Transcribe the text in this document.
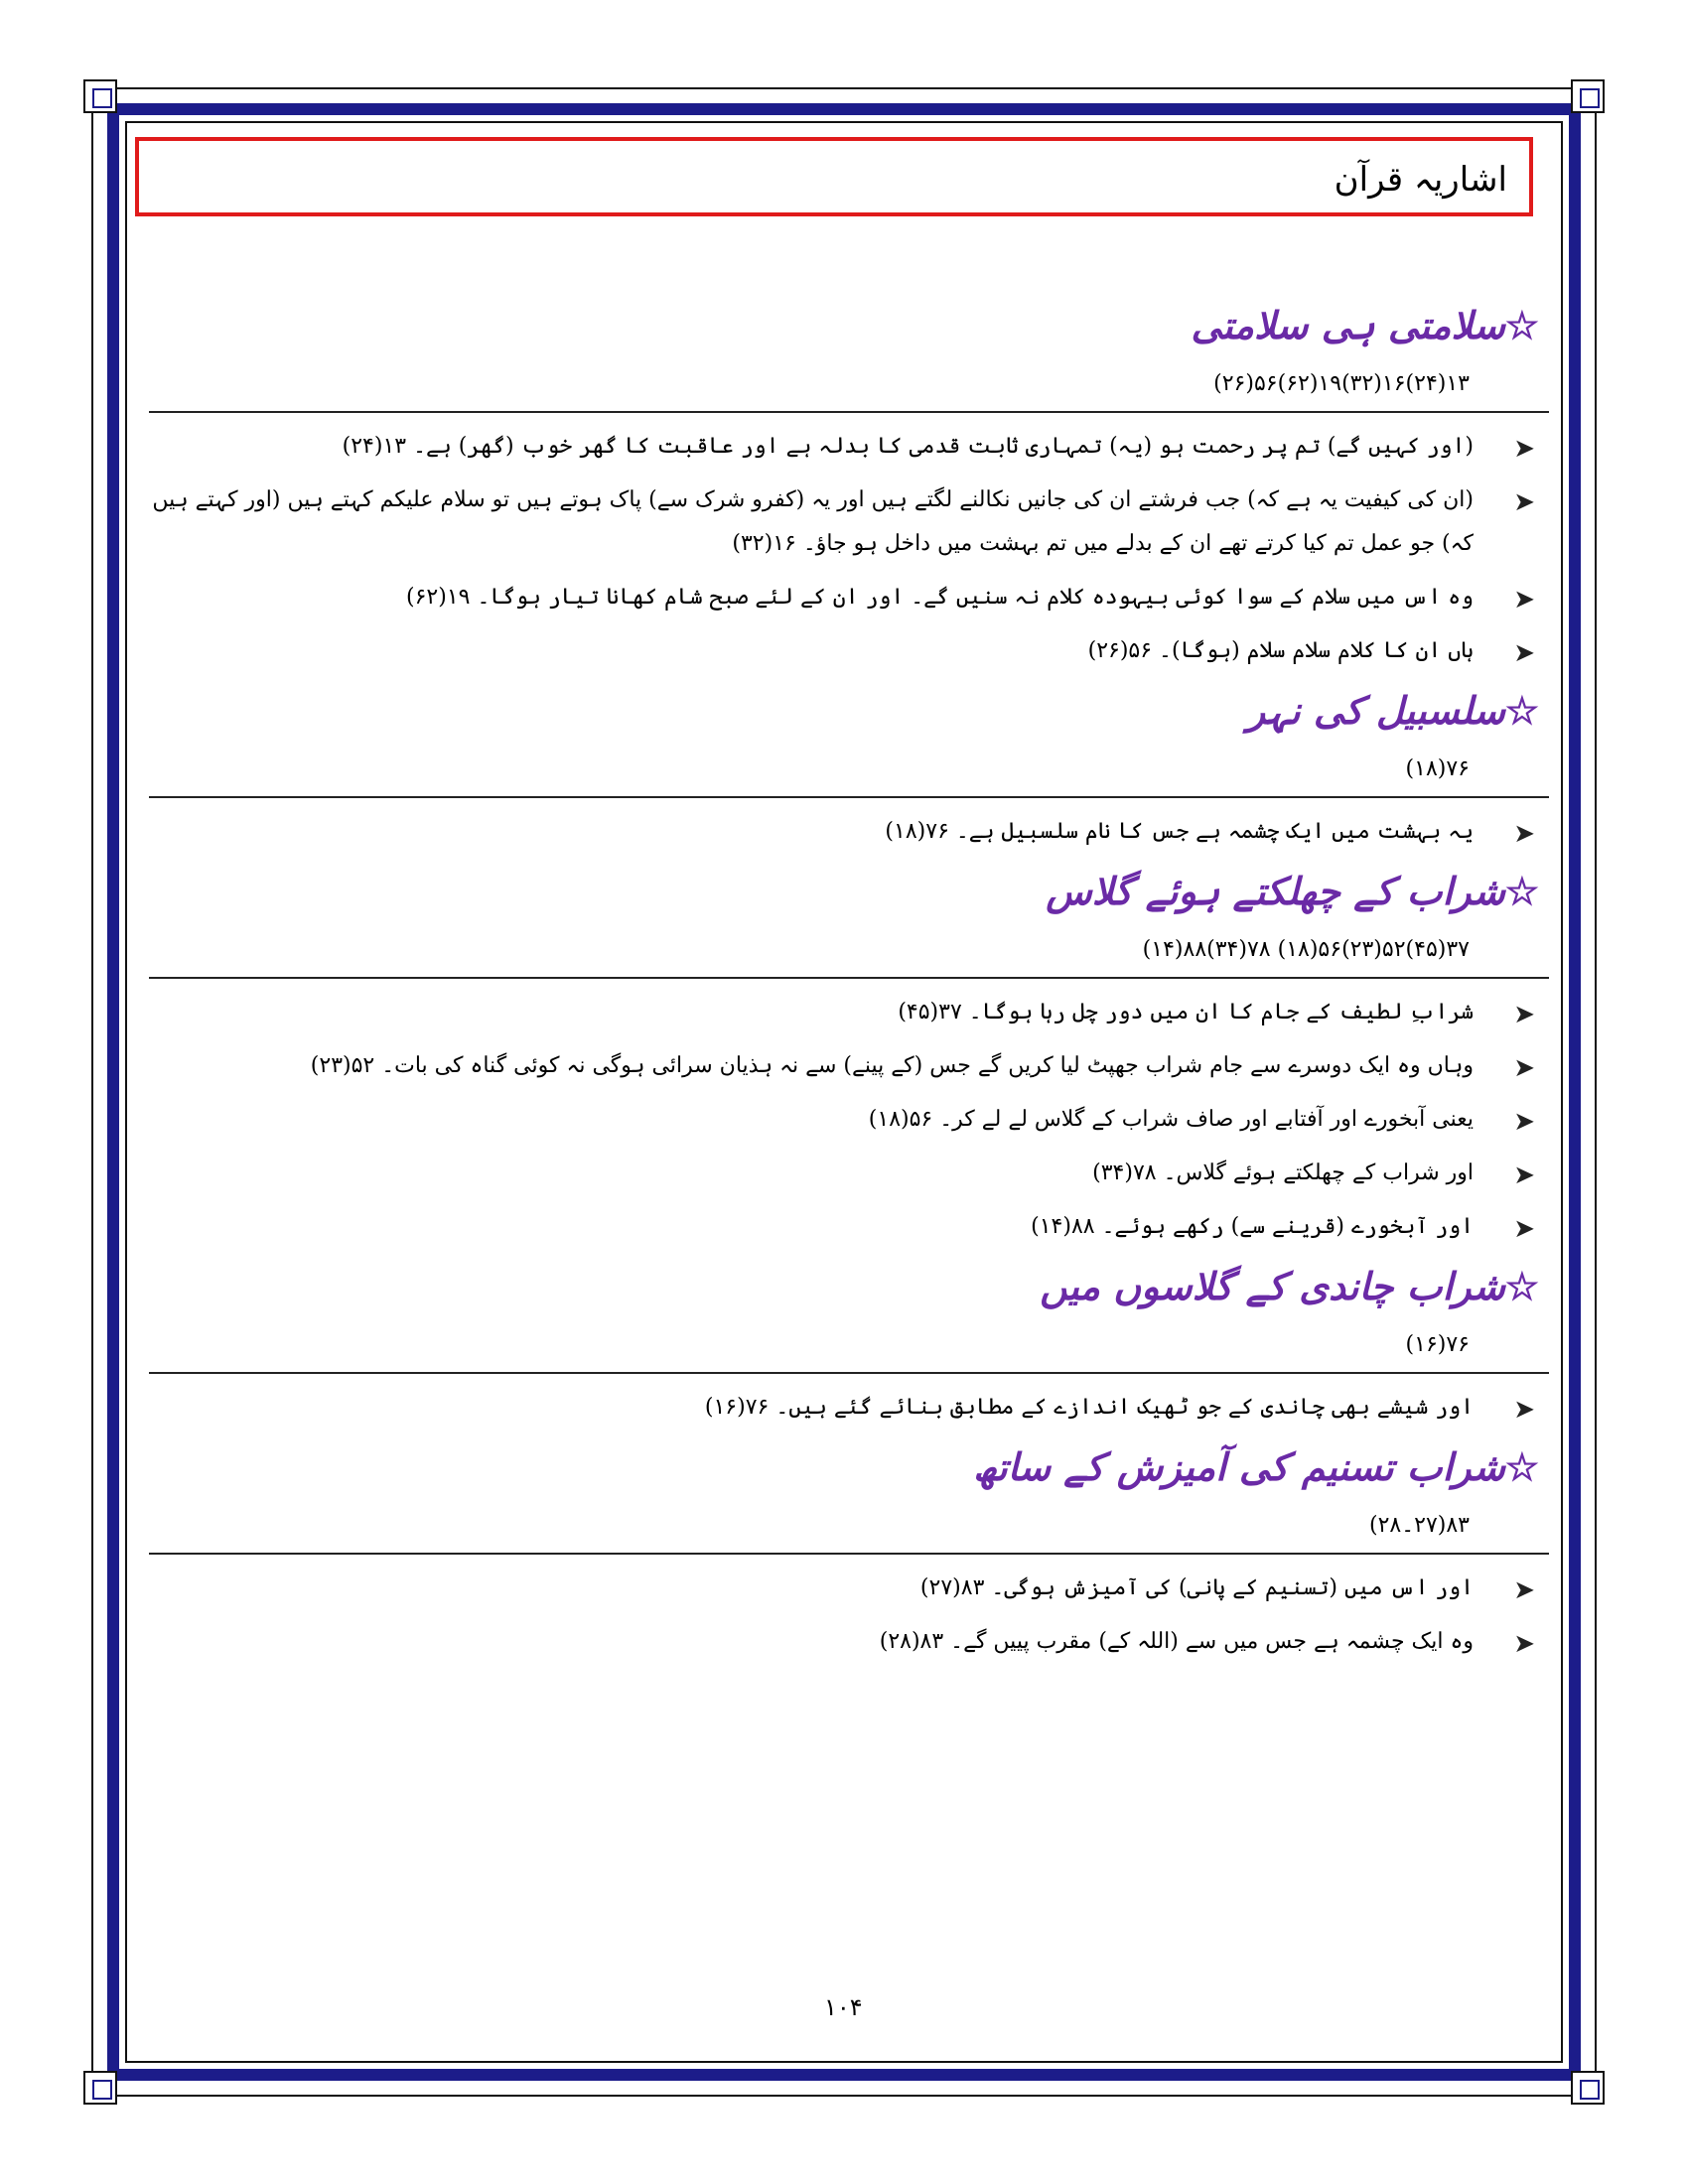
اشاریہ قرآن
☆سلامتی ہی سلامتی
۱۳(۲۴)۱۶(۳۲)۱۹(۶۲)۵۶(۲۶)
➤
(اور کہیں گے) تم پر رحمت ہو (یہ) تمہاری ثابت قدمی کا بدلہ ہے اور عاقبت کا گھر خوب (گھر) ہے۔ ۱۳(۲۴)
➤
(ان کی کیفیت یہ ہے کہ) جب فرشتے ان کی جانیں نکالنے لگتے ہیں اور یہ (کفرو شرک سے) پاک ہوتے ہیں تو سلام علیکم کہتے ہیں (اور کہتے ہیں کہ) جو عمل تم کیا کرتے تھے ان کے بدلے میں تم بہشت میں داخل ہو جاؤ۔ ۱۶(۳۲)
➤
وہ اس میں سلام کے سوا کوئی بیہودہ کلام نہ سنیں گے۔ اور ان کے لئے صبح شام کھانا تیار ہوگا۔ ۱۹(۶۲)
➤
ہاں ان کا کلام سلام سلام (ہوگا)۔ ۵۶(۲۶)
☆سلسبیل کی نہر
۷۶(۱۸)
➤
یہ بہشت میں ایک چشمہ ہے جس کا نام سلسبیل ہے۔ ۷۶(۱۸)
☆شراب کے چھلکتے ہوئے گلاس
۳۷(۴۵)۵۲(۲۳)۵۶(۱۸) ۷۸(۳۴)۸۸(۱۴)
➤
شرابِ لطیف کے جام کا ان میں دور چل رہا ہوگا۔ ۳۷(۴۵)
➤
وہاں وہ ایک دوسرے سے جام شراب جھپٹ لیا کریں گے جس (کے پینے) سے نہ ہذیان سرائی ہوگی نہ کوئی گناہ کی بات۔ ۵۲(۲۳)
➤
یعنی آبخورے اور آفتابے اور صاف شراب کے گلاس لے لے کر۔ ۵۶(۱۸)
➤
اور شراب کے چھلکتے ہوئے گلاس۔ ۷۸(۳۴)
➤
اور آبخورے (قرینے سے) رکھے ہوئے۔ ۸۸(۱۴)
☆شراب چاندی کے گلاسوں میں
۷۶(۱۶)
➤
اور شیشے بھی چاندی کے جو ٹھیک اندازے کے مطابق بنائے گئے ہیں۔ ۷۶(۱۶)
☆شراب تسنیم کی آمیزش کے ساتھ
۸۳(۲۷۔۲۸)
➤
اور اس میں (تسنیم کے پانی) کی آمیزش ہوگی۔ ۸۳(۲۷)
➤
وہ ایک چشمہ ہے جس میں سے (اللہ کے) مقرب پییں گے۔ ۸۳(۲۸)
۱۰۴
